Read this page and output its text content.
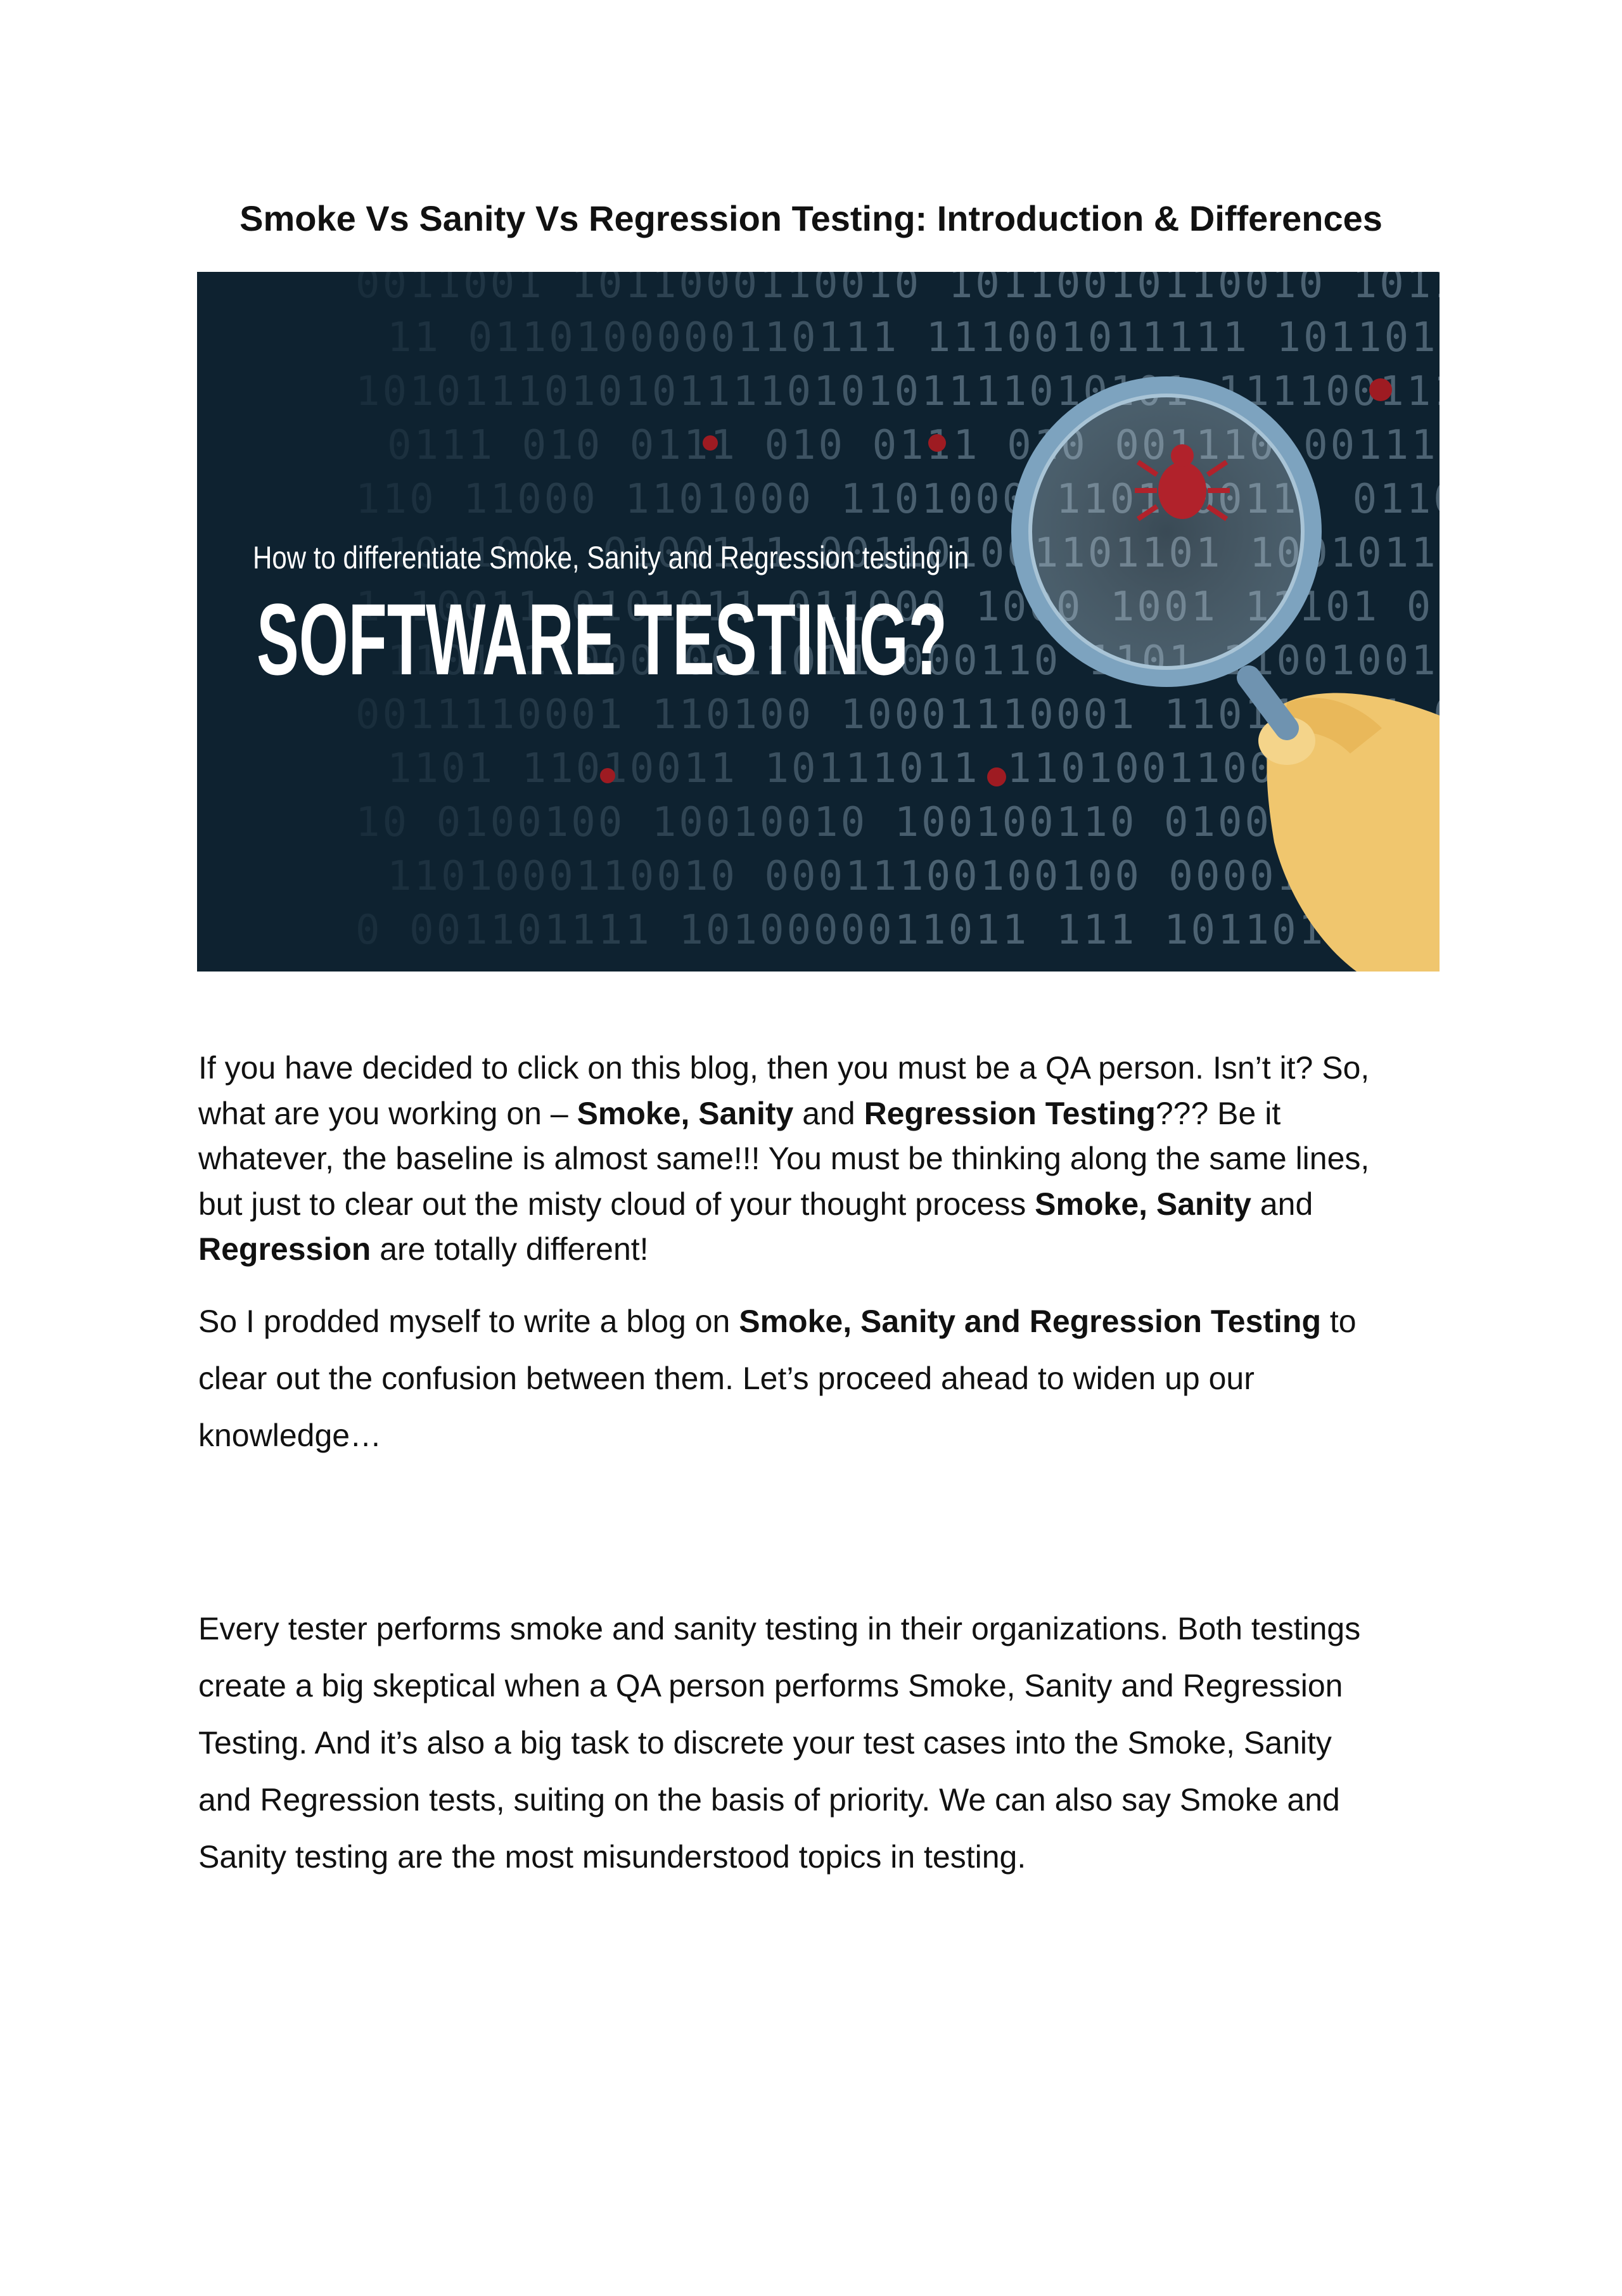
Smoke Vs Sanity Vs Regression Testing: Introduction & Differences
How to differentiate Smoke, Sanity and Regression testing in
SOFTWARE TESTING?

If you have decided to click on this blog, then you must be a QA person. Isn’t it? So,

what are you working on – Smoke, Sanity and Regression Testing??? Be it

whatever, the baseline is almost same!!! You must be thinking along the same lines,

but just to clear out the misty cloud of your thought process Smoke, Sanity and

Regression are totally different!

So I prodded myself to write a blog on Smoke, Sanity and Regression Testing to

clear out the confusion between them. Let’s proceed ahead to widen up our

knowledge…

Every tester performs smoke and sanity testing in their organizations. Both testings

create a big skeptical when a QA person performs Smoke, Sanity and Regression

Testing. And it’s also a big task to discrete your test cases into the Smoke, Sanity

and Regression tests, suiting on the basis of priority. We can also say Smoke and

Sanity testing are the most misunderstood topics in testing.
